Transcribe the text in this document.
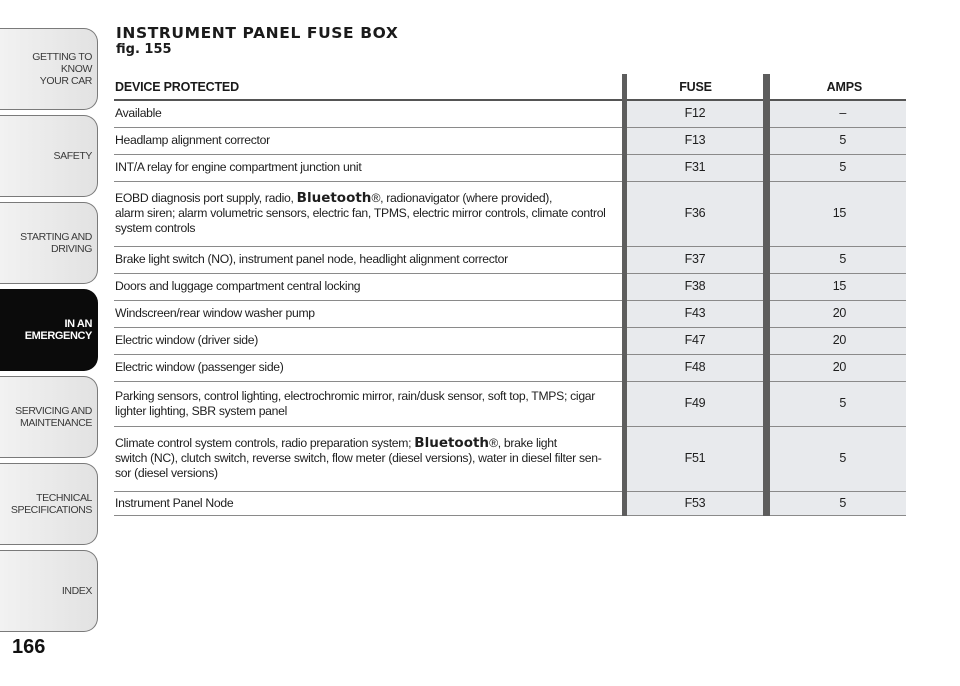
GETTING TO KNOW
YOUR CAR
SAFETY
STARTING AND
DRIVING
IN AN
EMERGENCY
SERVICING AND
MAINTENANCE
TECHNICAL
SPECIFICATIONS
INDEX
166
INSTRUMENT PANEL FUSE BOX
fig. 155
DEVICE PROTECTED		FUSE		AMPS
Available		F12		–
Headlamp alignment corrector		F13		5
INT/A relay for engine compartment junction unit		F31		5
EOBD diagnosis port supply, radio, Bluetooth®, radionavigator (where provided),
alarm siren; alarm volumetric sensors, electric fan, TPMS, electric mirror controls, climate control
system controls		F36		15
Brake light switch (NO), instrument panel node, headlight alignment corrector		F37		5
Doors and luggage compartment central locking		F38		15
Windscreen/rear window washer pump		F43		20
Electric window (driver side)		F47		20
Electric window (passenger side)		F48		20
Parking sensors, control lighting, electrochromic mirror, rain/dusk sensor, soft top, TMPS; cigar
lighter lighting, SBR system panel		F49		5
Climate control system controls, radio preparation system; Bluetooth®, brake light
switch (NC), clutch switch, reverse switch, flow meter (diesel versions), water in diesel filter sen-
sor (diesel versions)		F51		5
Instrument Panel Node		F53		5
